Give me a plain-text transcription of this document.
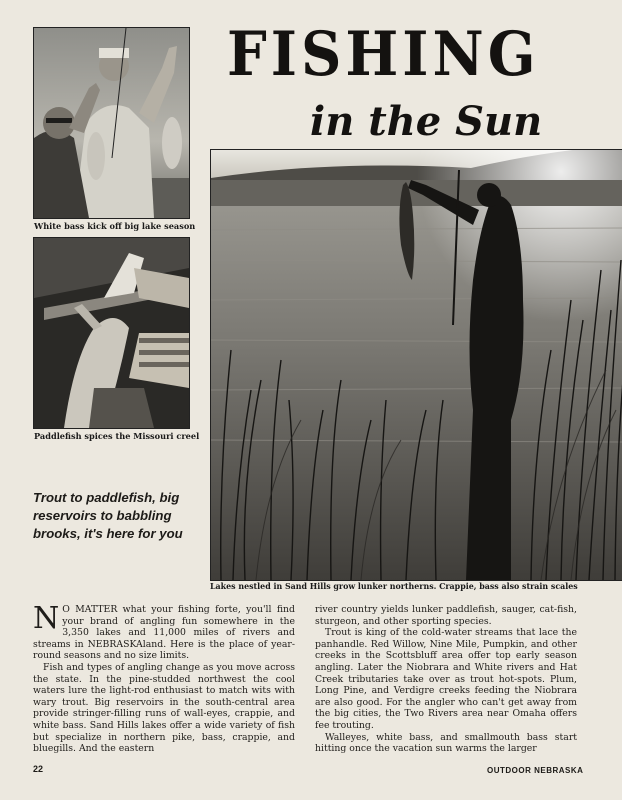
White bass kick off big lake season
Paddlefish spices the Missouri creel
FISHING
in the Sun
Lakes nestled in Sand Hills grow lunker northerns. Crappie, bass also strain scales
Trout to paddlefish, big reservoirs to babbling brooks, it's here for you

N O MATTER what your fishing forte, you'll find your brand of angling fun somewhere in the 3,350 lakes and 11,000 miles of rivers and streams in NEBRASKAland. Here is the place of year-round seasons and no size limits.

Fish and types of angling change as you move across the state. In the pine-studded northwest the cool waters lure the light-rod enthusiast to match wits with wary trout. Big reservoirs in the south-central area provide stringer-filling runs of wall-eyes, crappie, and white bass. Sand Hills lakes offer a wide variety of fish but specialize in northern pike, bass, crappie, and bluegills. And the eastern

river country yields lunker paddlefish, sauger, cat-fish, sturgeon, and other sporting species.

Trout is king of the cold-water streams that lace the panhandle. Red Willow, Nine Mile, Pumpkin, and other creeks in the Scottsbluff area offer top early season angling. Later the Niobrara and White rivers and Hat Creek tributaries take over as trout hot-spots. Plum, Long Pine, and Verdigre creeks feeding the Niobrara are also good. For the angler who can't get away from the big cities, the Two Rivers area near Omaha offers fee trouting.

Walleyes, white bass, and smallmouth bass start hitting once the vacation sun warms the larger

22	OUTDOOR NEBRASKA
